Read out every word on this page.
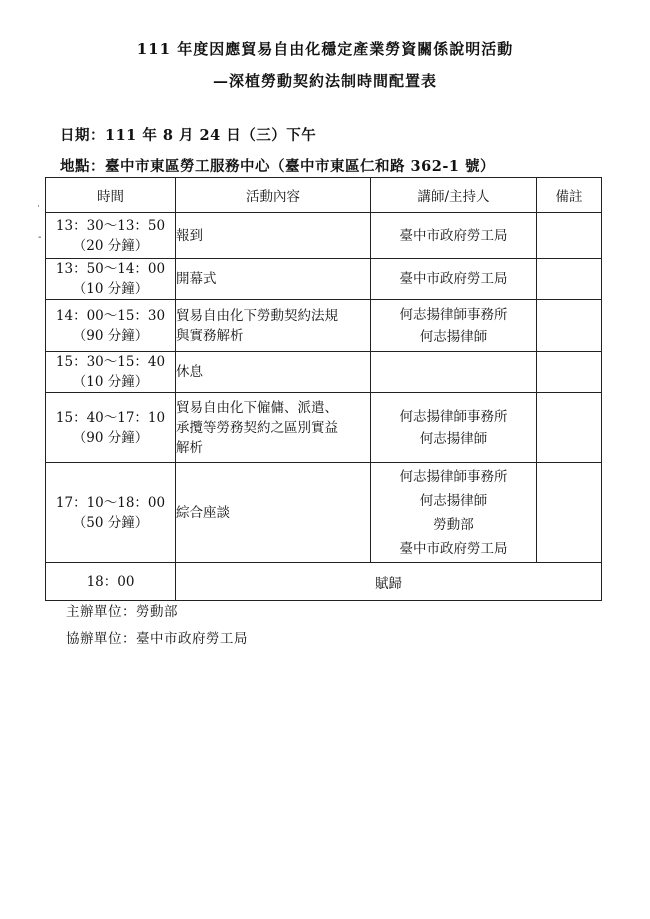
111 年度因應貿易自由化穩定產業勞資關係說明活動
—深植勞動契約法制時間配置表
日期：111 年 8 月 24 日（三）下午
地點：臺中市東區勞工服務中心（臺中市東區仁和路 362-1 號）
˙
-
時間	活動內容	講師/主持人	備註

13：30～13：50
（20 分鐘）	報到	臺中市政府勞工局	

13：50～14：00
（10 分鐘）	開幕式	臺中市政府勞工局	

14：00～15：30
（90 分鐘）	貿易自由化下勞動契約法規
與實務解析	何志揚律師事務所
何志揚律師	

15：30～15：40
（10 分鐘）	休息		

15：40～17：10
（90 分鐘）	貿易自由化下僱傭、派遣、
承攬等勞務契約之區別實益
解析	何志揚律師事務所
何志揚律師	

17：10～18：00
（50 分鐘）	綜合座談	何志揚律師事務所
何志揚律師
勞動部
臺中市政府勞工局	

18：00	賦歸		
主辦單位：勞動部
協辦單位：臺中市政府勞工局
